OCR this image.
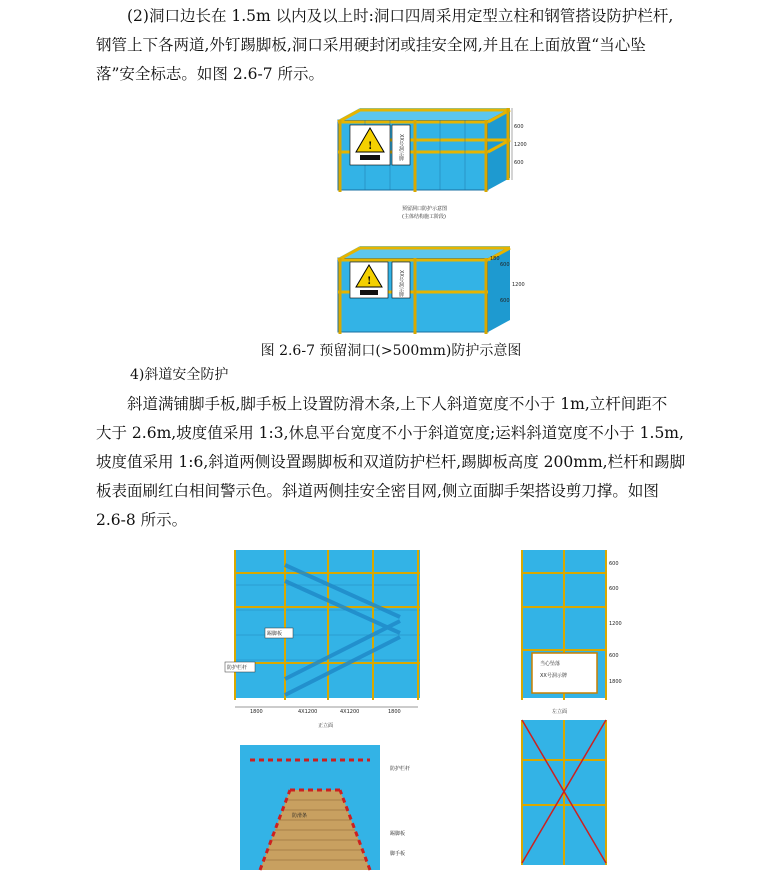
(2)洞口边长在 1.5m 以内及以上时:洞口四周采用定型立柱和钢管搭设防护栏杆,
钢管上下各两道,外钉踢脚板,洞口采用硬封闭或挂安全网,并且在上面放置“当心坠
落”安全标志。如图 2.6-7 所示。
!	XX号洞示牌
600
600
1200
预留洞口防护示意图
(主体结构施工阶段)
!	XX号洞示牌
180
600
600
1200
图 2.6-7 预留洞口(>500mm)防护示意图
4)斜道安全防护
斜道满铺脚手板,脚手板上设置防滑木条,上下人斜道宽度不小于 1m,立杆间距不
大于 2.6m,坡度值采用 1:3,休息平台宽度不小于斜道宽度;运料斜道宽度不小于 1.5m,
坡度值采用 1:6,斜道两侧设置踢脚板和双道防护栏杆,踢脚板高度 200mm,栏杆和踢脚
板表面刷红白相间警示色。斜道两侧挂安全密目网,侧立面脚手架搭设剪刀撑。如图
2.6-8 所示。
踢脚板
防护栏杆
1800	4X1200	4X1200	1800
正立面
当心坠落
XX号洞示牌
左立面
600
600
1200
600
1800
防护栏杆
踢脚板
脚手板
防滑条
